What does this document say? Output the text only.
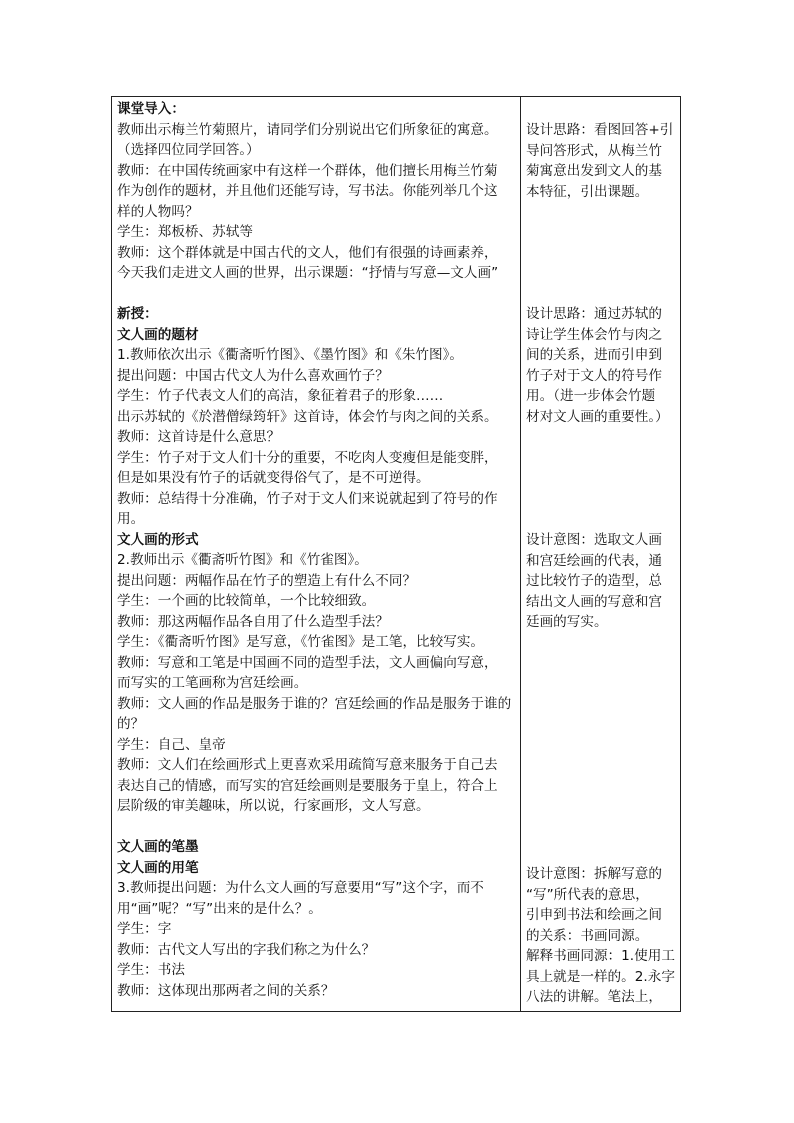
课堂导入：
教师出示梅兰竹菊照片，请同学们分别说出它们所象征的寓意。
（选择四位同学回答。）
教师：在中国传统画家中有这样一个群体，他们擅长用梅兰竹菊
作为创作的题材，并且他们还能写诗，写书法。你能列举几个这
样的人物吗？
学生：郑板桥、苏轼等
教师：这个群体就是中国古代的文人，他们有很强的诗画素养，
今天我们走进文人画的世界，出示课题：“抒情与写意—文人画”
新授：
文人画的题材
1.教师依次出示《衢斋听竹图》、《墨竹图》和《朱竹图》。
提出问题：中国古代文人为什么喜欢画竹子？
学生：竹子代表文人们的高洁，象征着君子的形象……
出示苏轼的《於潜僧绿筠轩》这首诗，体会竹与肉之间的关系。
教师：这首诗是什么意思？
学生：竹子对于文人们十分的重要，不吃肉人变瘦但是能变胖，
但是如果没有竹子的话就变得俗气了，是不可逆得。
教师：总结得十分准确，竹子对于文人们来说就起到了符号的作
用。
文人画的形式
2.教师出示《衢斋听竹图》和《竹雀图》。
提出问题：两幅作品在竹子的塑造上有什么不同？
学生：一个画的比较简单，一个比较细致。
教师：那这两幅作品各自用了什么造型手法？
学生：《衢斋听竹图》是写意，《竹雀图》是工笔，比较写实。
教师：写意和工笔是中国画不同的造型手法，文人画偏向写意，
而写实的工笔画称为宫廷绘画。
教师：文人画的作品是服务于谁的？宫廷绘画的作品是服务于谁的
的？
学生：自己、皇帝
教师：文人们在绘画形式上更喜欢采用疏简写意来服务于自己去
表达自己的情感，而写实的宫廷绘画则是要服务于皇上，符合上
层阶级的审美趣味，所以说，行家画形，文人写意。
文人画的笔墨
文人画的用笔
3.教师提出问题：为什么文人画的写意要用“写”这个字，而不
用“画”呢？“写”出来的是什么？。
学生：字
教师：古代文人写出的字我们称之为什么？
学生：书法
教师：这体现出那两者之间的关系？
设计思路：看图回答+引
导问答形式，从梅兰竹
菊寓意出发到文人的基
本特征，引出课题。
设计思路：通过苏轼的
诗让学生体会竹与肉之
间的关系，进而引申到
竹子对于文人的符号作
用。（进一步体会竹题
材对文人画的重要性。）
设计意图：选取文人画
和宫廷绘画的代表，通
过比较竹子的造型，总
结出文人画的写意和宫
廷画的写实。
设计意图：拆解写意的
“写”所代表的意思，
引申到书法和绘画之间
的关系：书画同源。
解释书画同源：1.使用工
具上就是一样的。2.永字
八法的讲解。笔法上，
